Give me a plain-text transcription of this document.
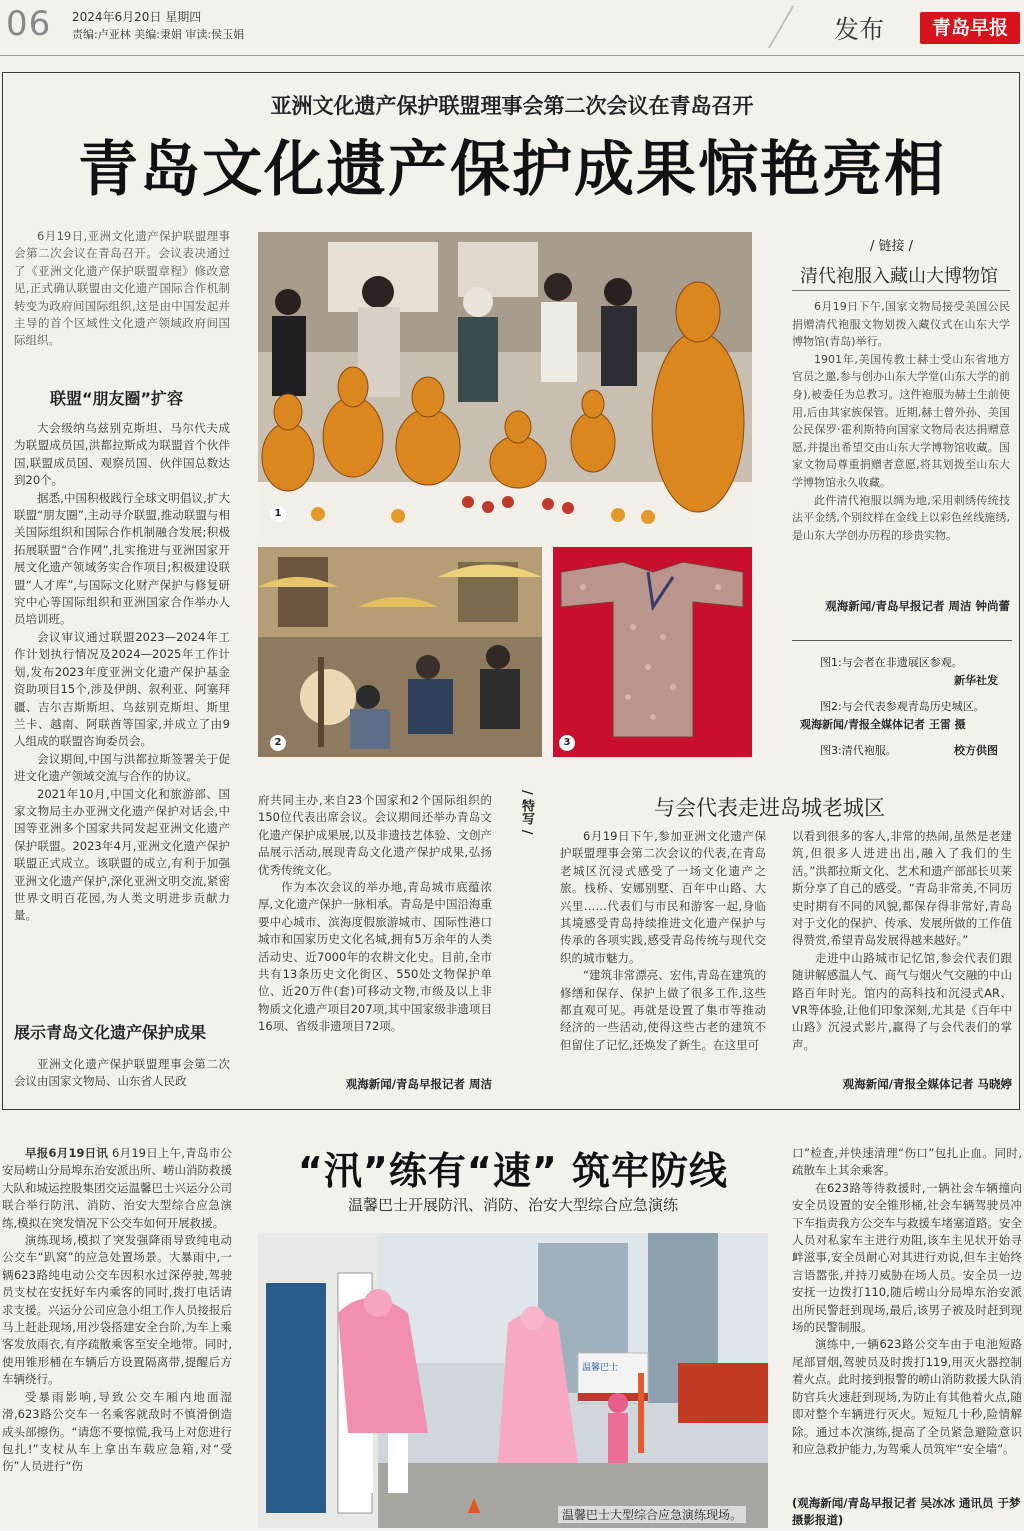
06 2024年6月20日 星期四
责编:卢亚林 美编:秉娟 审读:侯玉娟	发布	青岛早报
亚洲文化遗产保护联盟理事会第二次会议在青岛召开
青岛文化遗产保护成果惊艳亮相

6月19日,亚洲文化遗产保护联盟理事会第二次会议在青岛召开。会议表决通过了《亚洲文化遗产保护联盟章程》修改意见,正式确认联盟由文化遗产国际合作机制转变为政府间国际组织,这是由中国发起并主导的首个区域性文化遗产领域政府间国际组织。

联盟“朋友圈”扩容

大会级纳乌兹别克斯坦、马尔代夫成为联盟成员国,洪都拉斯成为联盟首个伙伴国,联盟成员国、观察员国、伙伴国总数达到20个。

据悉,中国积极践行全球文明倡议,扩大联盟“朋友圈”,主动寻介联盟,推动联盟与相关国际组织和国际合作机制融合发展;积极拓展联盟“合作网”,扎实推进与亚洲国家开展文化遗产领域务实合作项目;积极建设联盟“人才库”,与国际文化财产保护与修复研究中心等国际组织和亚洲国家合作举办人员培训班。

会议审议通过联盟2023—2024年工作计划执行情况及2024—2025年工作计划,发布2023年度亚洲文化遗产保护基金资助项目15个,涉及伊朗、叙利亚、阿塞拜疆、吉尔吉斯斯坦、乌兹别克斯坦、斯里兰卡、越南、阿联酋等国家,并成立了由9人组成的联盟咨询委员会。

会议期间,中国与洪都拉斯签署关于促进文化遗产领域交流与合作的协议。

2021年10月,中国文化和旅游部、国家文物局主办亚洲文化遗产保护对话会,中国等亚洲多个国家共同发起亚洲文化遗产保护联盟。2023年4月,亚洲文化遗产保护联盟正式成立。该联盟的成立,有利于加强亚洲文化遗产保护,深化亚洲文明交流,紧密世界文明百花园,为人类文明进步贡献力量。

展示青岛文化遗产保护成果

亚洲文化遗产保护联盟理事会第二次会议由国家文物局、山东省人民政

1
2	3
/ 链接 /
清代袍服入藏山大博物馆

6月19日下午,国家文物局接受美国公民捐赠清代袍服文物划拨入藏仪式在山东大学博物馆(青岛)举行。

1901年,美国传教士赫士受山东省地方官员之邀,参与创办山东大学堂(山东大学的前身),被委任为总教习。这件袍服为赫士生前使用,后由其家族保管。近期,赫士曾外孙、美国公民保罗·霍利斯特向国家文物局表达捐赠意愿,并提出希望交由山东大学博物馆收藏。国家文物局尊重捐赠者意愿,将其划拨至山东大学博物馆永久收藏。

此件清代袍服以绸为地,采用刺绣传统技法平金绣,个别纹样在金线上以彩色丝线施绣,是山东大学创办历程的珍贵实物。

观海新闻/青岛早报记者 周洁 钟尚蕾
图1:与会者在非遗展区参观。
新华社发
图2:与会代表参观青岛历史城区。
观海新闻/青报全媒体记者 王雷 摄
图3:清代袍服。	校方供图

府共同主办,来自23个国家和2个国际组织的150位代表出席会议。会议期间还举办青岛文化遗产保护成果展,以及非遗技艺体验、文创产品展示活动,展现青岛文化遗产保护成果,弘扬优秀传统文化。

作为本次会议的举办地,青岛城市底蕴浓厚,文化遗产保护一脉相承。青岛是中国沿海重要中心城市、滨海度假旅游城市、国际性港口城市和国家历史文化名城,拥有5万余年的人类活动史、近7000年的农耕文化史。目前,全市共有13条历史文化街区、550处文物保护单位、近20万件(套)可移动文物,市级及以上非物质文化遗产项目207项,其中国家级非遗项目16项、省级非遗项目72项。

观海新闻/青岛早报记者 周洁
/ 特写 /	与会代表走进岛城老城区

6月19日下午,参加亚洲文化遗产保护联盟理事会第二次会议的代表,在青岛老城区沉浸式感受了一场文化遗产之旅。栈桥、安娜别墅、百年中山路、大兴里……代表们与市民和游客一起,身临其境感受青岛持续推进文化遗产保护与传承的各项实践,感受青岛传统与现代交织的城市魅力。

“建筑非常漂亮、宏伟,青岛在建筑的修缮和保存、保护上做了很多工作,这些都直观可见。再就是设置了集市等推动经济的一些活动,使得这些古老的建筑不但留住了记忆,还焕发了新生。在这里可

以看到很多的客人,非常的热闹,虽然是老建筑,但很多人进进出出,融入了我们的生活。”洪都拉斯文化、艺术和遗产部部长贝莱斯分享了自己的感受。“青岛非常美,不同历史时期有不同的风貌,都保存得非常好,青岛对于文化的保护、传承、发展所做的工作值得赞赏,希望青岛发展得越来越好。”

走进中山路城市记忆馆,参会代表们跟随讲解感温人气、商气与烟火气交融的中山路百年时光。馆内的高科技和沉浸式AR、VR等体验,让他们印象深刻,尤其是《百年中山路》沉浸式影片,赢得了与会代表们的掌声。

观海新闻/青报全媒体记者 马晓婷

早报6月19日讯 6月19日上午,青岛市公安局崂山分局埠东治安派出所、崂山消防救援大队和城运控股集团交运温馨巴士兴运分公司联合举行防汛、消防、治安大型综合应急演练,模拟在突发情况下公交车如何开展救援。

演练现场,模拟了突发强降雨导致纯电动公交车“趴窝”的应急处置场景。大暴雨中,一辆623路纯电动公交车因积水过深停驶,驾驶员支杖在安抚好车内乘客的同时,拨打电话请求支援。兴运分公司应急小组工作人员接报后马上赶赴现场,用沙袋搭建安全台阶,为车上乘客发放雨衣,有序疏散乘客至安全地带。同时,使用锥形桶在车辆后方设置隔离带,提醒后方车辆绕行。

受暴雨影响,导致公交车厢内地面湿滑,623路公交车一名乘客就敌时不慎滑倒造成头部擦伤。“请您不要惊慌,我马上对您进行包扎!”支杖从车上拿出车载应急箱,对“受伤”人员进行“伤

“汛”练有“速” 筑牢防线
温馨巴士开展防汛、消防、治安大型综合应急演练
温馨巴士
温馨巴士大型综合应急演练现场。

口”检查,并快速清理“伤口”包扎止血。同时,疏散车上其余乘客。

在623路等待救援时,一辆社会车辆撞向安全员设置的安全锥形桶,社会车辆驾驶员冲下车指责我方公交车与救援车堵塞道路。安全人员对私家车主进行劝阻,该车主见状开始寻衅滋事,安全员耐心对其进行劝说,但车主始终言语嚣张,并持刀威胁在场人员。安全员一边安抚一边拨打110,随后崂山分局埠东治安派出所民警赶到现场,最后,该男子被及时赶到现场的民警制服。

演练中,一辆623路公交车由于电池短路尾部冒烟,驾驶员及时拨打119,用灭火器控制着火点。此时接到报警的崂山消防救援大队消防官兵火速赶到现场,为防止有其他着火点,随即对整个车辆进行灭火。短短几十秒,险情解除。通过本次演练,提高了全员紧急避险意识和应急救护能力,为驾乘人员筑牢“安全墙”。

(观海新闻/青岛早报记者 吴冰冰 通讯员 于梦 摄影报道)
